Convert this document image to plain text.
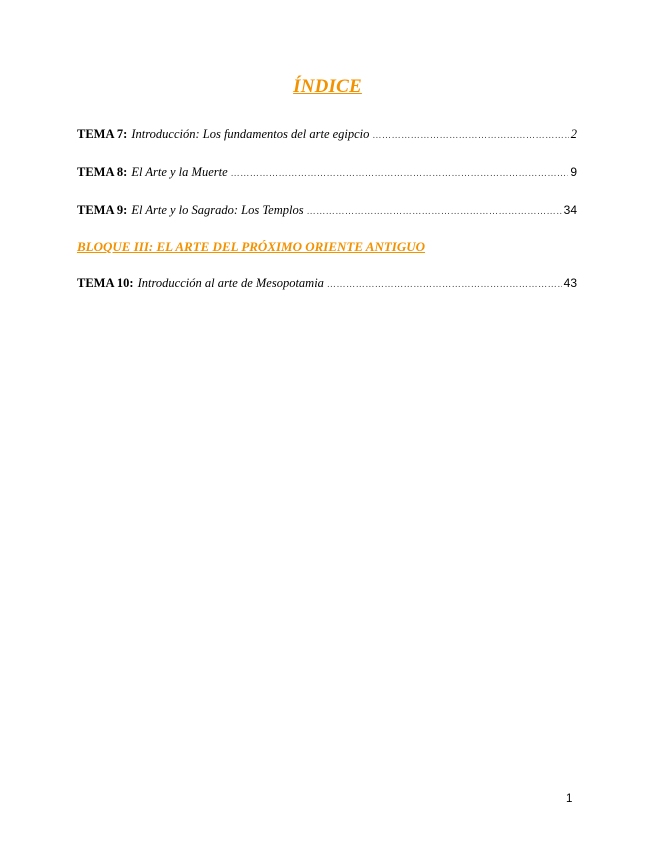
ÍNDICE
TEMA 7: Introducción: Los fundamentos del arte egipcio …………………………………………………………………………………………………………………………………………………………………………	2
TEMA 8: El Arte y la Muerte …………………………………………………………………………………………………………………………………………………………………………	9
TEMA 9: El Arte y lo Sagrado: Los Templos …………………………………………………………………………………………………………………………………………………………………………	34
BLOQUE III: EL ARTE DEL PRÓXIMO ORIENTE ANTIGUO
TEMA 10: Introducción al arte de Mesopotamia …………………………………………………………………………………………………………………………………………………………………………	43
1
